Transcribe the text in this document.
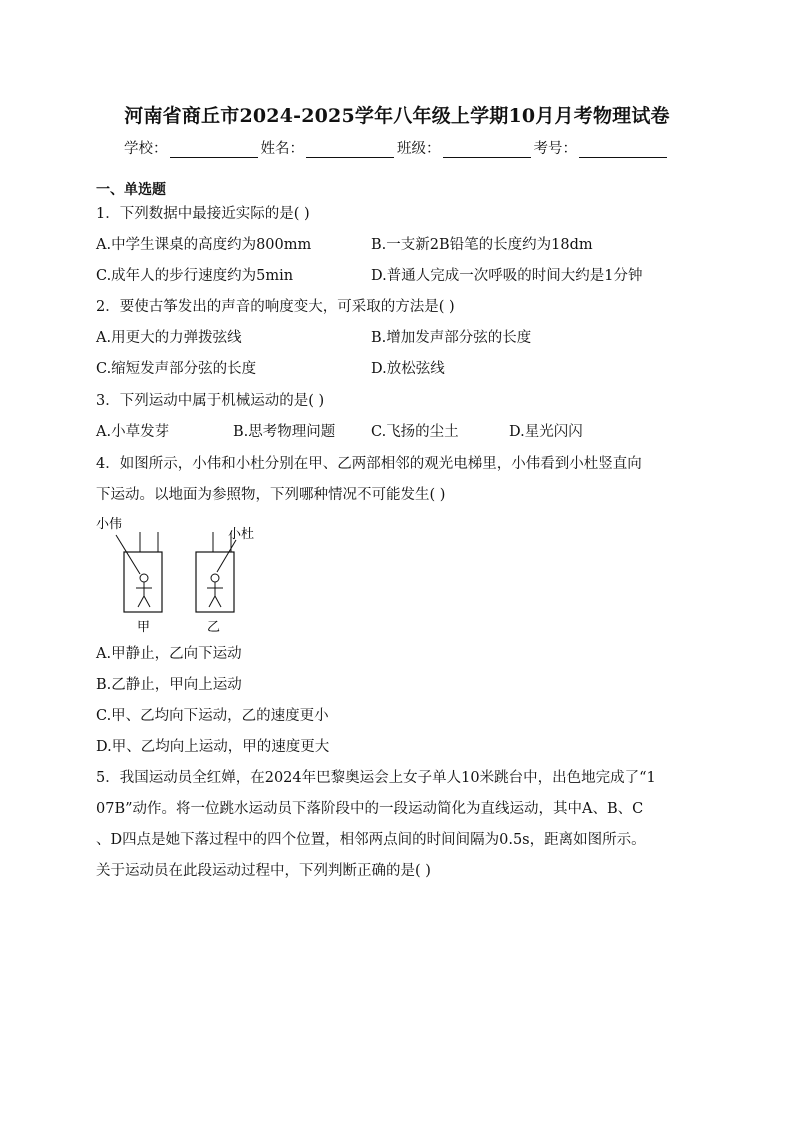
河南省商丘市2024-2025学年八年级上学期10月月考物理试卷
学校：	姓名：	班级：	考号：
一、单选题
1．下列数据中最接近实际的是( )
A.中学生课桌的高度约为800mm	B.一支新2B铅笔的长度约为18dm
C.成年人的步行速度约为5min	D.普通人完成一次呼吸的时间大约是1分钟
2．要使古筝发出的声音的响度变大，可采取的方法是( )
A.用更大的力弹拨弦线	B.增加发声部分弦的长度
C.缩短发声部分弦的长度	D.放松弦线
3．下列运动中属于机械运动的是( )
A.小草发芽	B.思考物理问题 C.飞扬的尘土	D.星光闪闪
4．如图所示，小伟和小杜分别在甲、乙两部相邻的观光电梯里，小伟看到小杜竖直向
下运动。以地面为参照物，下列哪种情况不可能发生( )
小伟
小杜
甲	乙
A.甲静止，乙向下运动
B.乙静止，甲向上运动
C.甲、乙均向下运动，乙的速度更小
D.甲、乙均向上运动，甲的速度更大
5．我国运动员全红婵，在2024年巴黎奥运会上女子单人10米跳台中，出色地完成了“1
07B”动作。将一位跳水运动员下落阶段中的一段运动简化为直线运动，其中A、B、C
、D四点是她下落过程中的四个位置，相邻两点间的时间间隔为0.5s，距离如图所示。
关于运动员在此段运动过程中，下列判断正确的是( )
